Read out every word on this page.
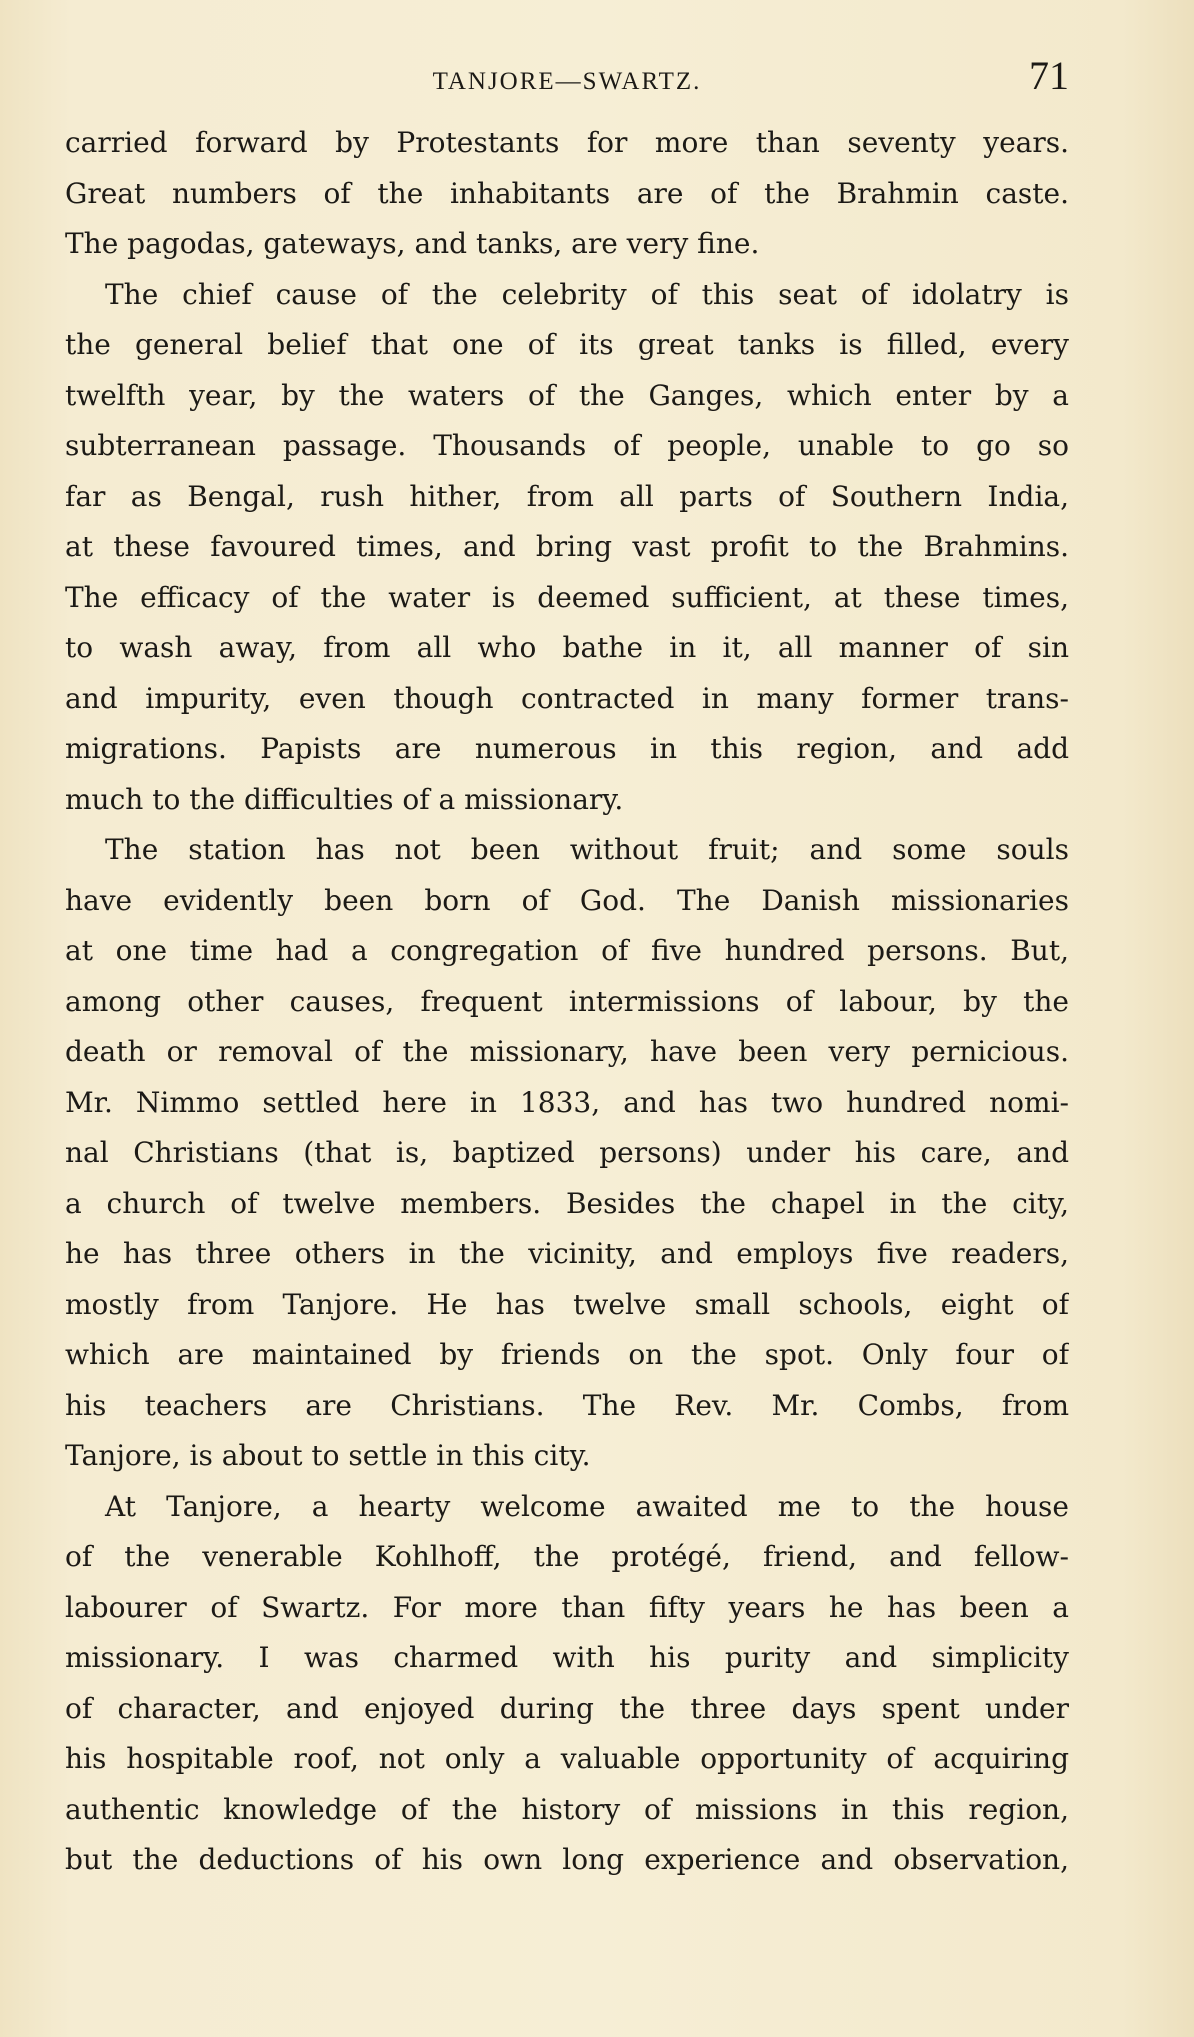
TANJORE—SWARTZ.	71
carried forward by Protestants for more than seventy years.
Great numbers of the inhabitants are of the Brahmin caste.
The pagodas, gateways, and tanks, are very fine.
The chief cause of the celebrity of this seat of idolatry is
the general belief that one of its great tanks is filled, every
twelfth year, by the waters of the Ganges, which enter by a
subterranean passage. Thousands of people, unable to go so
far as Bengal, rush hither, from all parts of Southern India,
at these favoured times, and bring vast profit to the Brahmins.
The efficacy of the water is deemed sufficient, at these times,
to wash away, from all who bathe in it, all manner of sin
and impurity, even though contracted in many former trans-
migrations. Papists are numerous in this region, and add
much to the difficulties of a missionary.
The station has not been without fruit; and some souls
have evidently been born of God. The Danish missionaries
at one time had a congregation of five hundred persons. But,
among other causes, frequent intermissions of labour, by the
death or removal of the missionary, have been very pernicious.
Mr. Nimmo settled here in 1833, and has two hundred nomi-
nal Christians (that is, baptized persons) under his care, and
a church of twelve members. Besides the chapel in the city,
he has three others in the vicinity, and employs five readers,
mostly from Tanjore. He has twelve small schools, eight of
which are maintained by friends on the spot. Only four of
his teachers are Christians. The Rev. Mr. Combs, from
Tanjore, is about to settle in this city.
At Tanjore, a hearty welcome awaited me to the house
of the venerable Kohlhoff, the protégé, friend, and fellow-
labourer of Swartz. For more than fifty years he has been a
missionary. I was charmed with his purity and simplicity
of character, and enjoyed during the three days spent under
his hospitable roof, not only a valuable opportunity of acquiring
authentic knowledge of the history of missions in this region,
but the deductions of his own long experience and observation,
